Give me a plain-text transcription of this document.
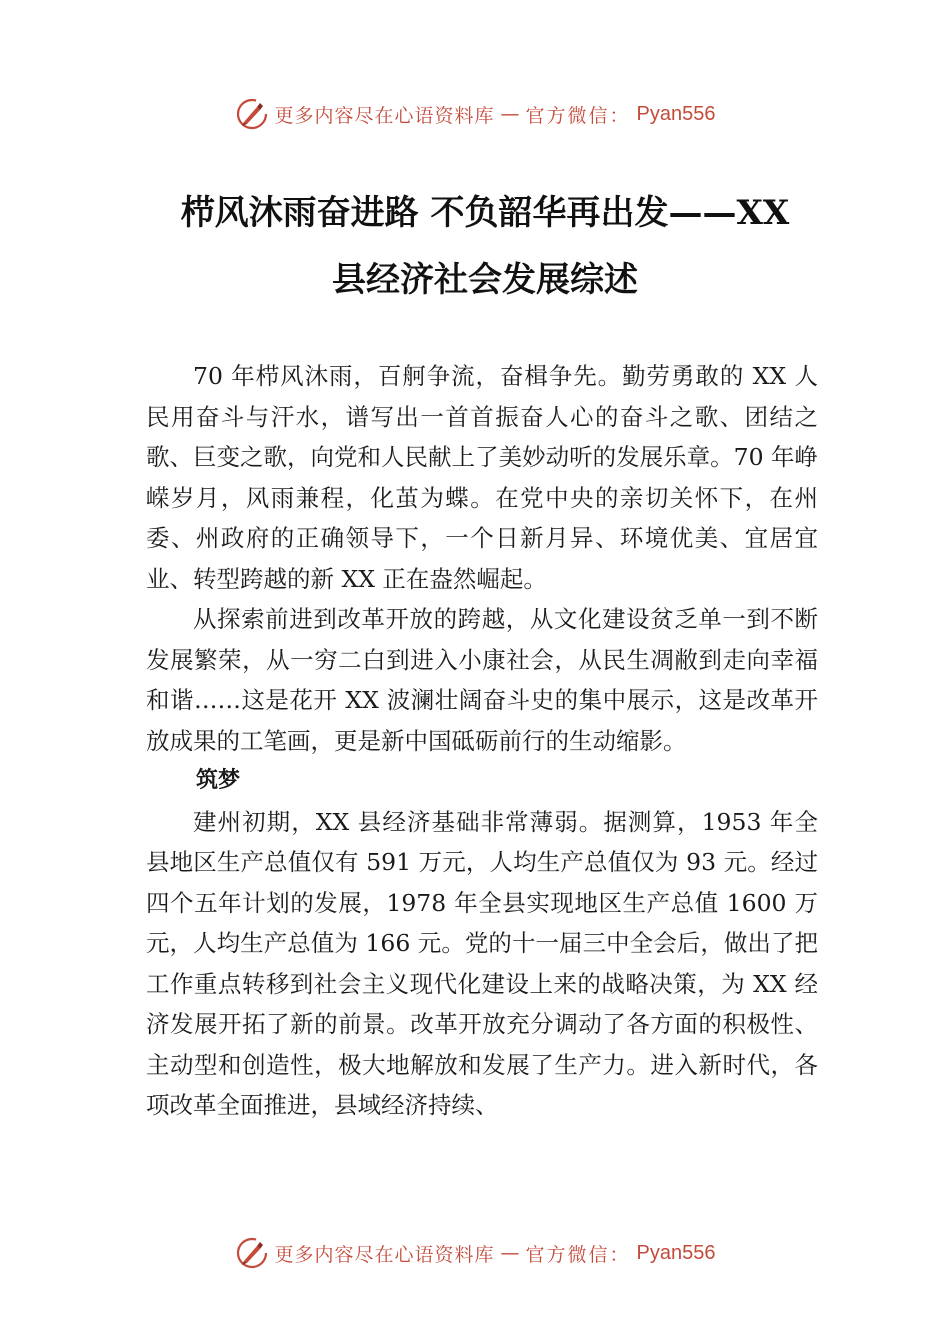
更多内容尽在心语资料库 — 官方微信： Pyan556
栉风沐雨奋进路 不负韶华再出发——XX
县经济社会发展综述

70 年栉风沐雨，百舸争流，奋楫争先。勤劳勇敢的 XX 人民用奋斗与汗水，谱写出一首首振奋人心的奋斗之歌、团结之歌、巨变之歌，向党和人民献上了美妙动听的发展乐章。70 年峥嵘岁月，风雨兼程，化茧为蝶。在党中央的亲切关怀下，在州委、州政府的正确领导下，一个日新月异、环境优美、宜居宜业、转型跨越的新 XX 正在盎然崛起。

从探索前进到改革开放的跨越，从文化建设贫乏单一到不断发展繁荣，从一穷二白到进入小康社会，从民生凋敝到走向幸福和谐……这是花开 XX 波澜壮阔奋斗史的集中展示，这是改革开放成果的工笔画，更是新中国砥砺前行的生动缩影。

筑梦

建州初期，XX 县经济基础非常薄弱。据测算，1953 年全县地区生产总值仅有 591 万元，人均生产总值仅为 93 元。经过四个五年计划的发展，1978 年全县实现地区生产总值 1600 万元，人均生产总值为 166 元。党的十一届三中全会后，做出了把工作重点转移到社会主义现代化建设上来的战略决策，为 XX 经济发展开拓了新的前景。改革开放充分调动了各方面的积极性、主动型和创造性，极大地解放和发展了生产力。进入新时代，各项改革全面推进，县域经济持续、

更多内容尽在心语资料库 — 官方微信： Pyan556
